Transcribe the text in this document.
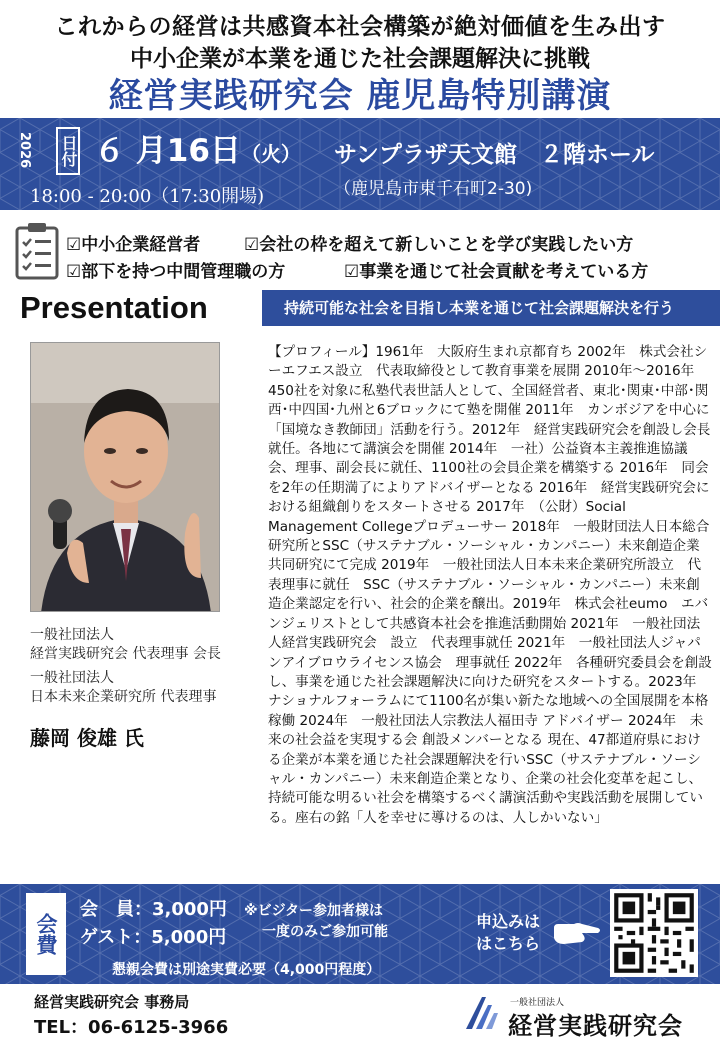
これからの経営は共感資本社会構築が絶対価値を生み出す
中小企業が本業を通じた社会課題解決に挑戦
経営実践研究会 鹿児島特別講演
2026 日付 ６ 月16日（火）
18:00 - 20:00（17:30開場)
サンプラザ天文館　２階ホール
（鹿児島市東千石町2-30)
☑中小企業経営者	☑会社の枠を超えて新しいことを学び実践したい方
☑部下を持つ中間管理職の方	☑事業を通じて社会貢献を考えている方
Presentation	持続可能な社会を目指し本業を通じて社会課題解決を行う
一般社団法人
経営実践研究会 代表理事 会長
一般社団法人
日本未来企業研究所 代表理事
藤岡 俊雄 氏
【プロフィール】1961年　大阪府生まれ京都育ち 2002年　株式会社シーエフエス設立　代表取締役として教育事業を展開 2010年～2016年　450社を対象に私塾代表世話人として、全国経営者、東北･関東･中部･関西･中四国･九州と6ブロックにて塾を開催 2011年　カンボジアを中心に「国境なき教師団」活動を行う。2012年　経営実践研究会を創設し会長就任。各地にて講演会を開催 2014年　一社）公益資本主義推進協議会、理事、副会長に就任、1100社の会員企業を構築する 2016年　同会を2年の任期満了によりアドバイザーとなる 2016年　経営実践研究会における組織創りをスタートさせる 2017年　（公財）Social Management Collegeプロデューサー 2018年　一般財団法人日本総合研究所とSSC（サステナブル・ソーシャル・カンパニー）未来創造企業共同研究にて完成 2019年　一般社団法人日本未来企業研究所設立　代表理事に就任　SSC（サステナブル・ソーシャル・カンパニー）未来創造企業認定を行い、社会的企業を醸出。2019年　株式会社eumo　エバンジェリストとして共感資本社会を推進活動開始 2021年　一般社団法人経営実践研究会　設立　代表理事就任 2021年　一般社団法人ジャパンアイブロウライセンス協会　理事就任 2022年　各種研究委員会を創設し、事業を通じた社会課題解決に向けた研究をスタートする。2023年　ナショナルフォーラムにて1100名が集い新たな地域への全国展開を本格稼働 2024年　一般社団法人宗教法人福田寺 アドバイザー 2024年　未来の社会益を実現する会 創設メンバーとなる 現在、47都道府県における企業が本業を通じた社会課題解決を行いSSC（サステナブル・ソーシャル・カンパニー）未来創造企業となり、企業の社会化変革を起こし、持続可能な明るい社会を構築するべく講演活動や実践活動を展開している。座右の銘「人を幸せに導けるのは、人しかいない」
会費
会　員：3,000円
ゲスト：5,000円
※ビジター参加者様は
一度のみご参加可能
懇親会費は別途実費必要（4,000円程度）
申込みは
はこちら
経営実践研究会 事務局
TEL：06-6125-3966
一般社団法人
経営実践研究会
